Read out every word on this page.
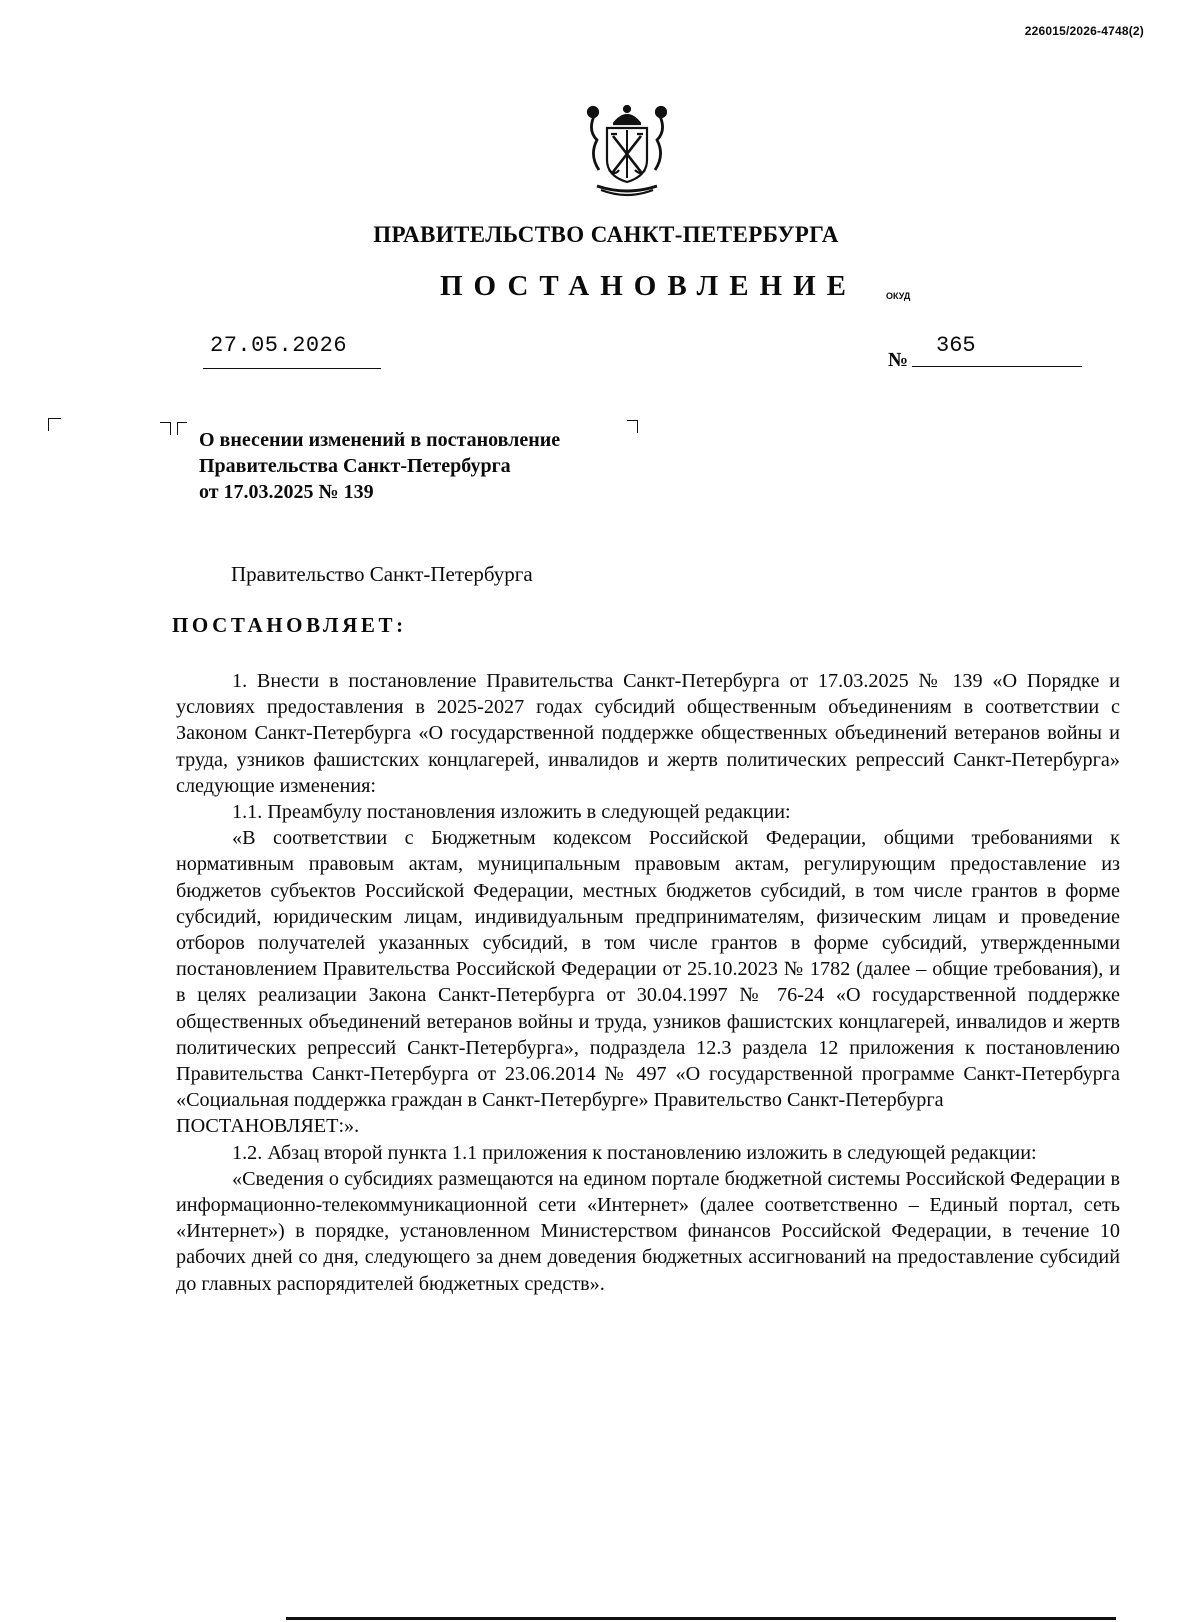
226015/2026-4748(2)
ПРАВИТЕЛЬСТВО САНКТ-ПЕТЕРБУРГА
ПОСТАНОВЛЕНИЕ	ОКУД
27.05.2026
№
365
О внесении изменений в постановление
Правительства Санкт-Петербурга
от 17.03.2025 № 139
Правительство Санкт-Петербурга
ПОСТАНОВЛЯЕТ:

1. Внести в постановление Правительства Санкт-Петербурга от 17.03.2025 № 139 «О Порядке и условиях предоставления в 2025-2027 годах субсидий общественным объединениям в соответствии с Законом Санкт-Петербурга «О государственной поддержке общественных объединений ветеранов войны и труда, узников фашистских концлагерей, инвалидов и жертв политических репрессий Санкт-Петербурга» следующие изменения:

1.1. Преамбулу постановления изложить в следующей редакции:

«В соответствии с Бюджетным кодексом Российской Федерации, общими требованиями к нормативным правовым актам, муниципальным правовым актам, регулирующим предоставление из бюджетов субъектов Российской Федерации, местных бюджетов субсидий, в том числе грантов в форме субсидий, юридическим лицам, индивидуальным предпринимателям, физическим лицам и проведение отборов получателей указанных субсидий, в том числе грантов в форме субсидий, утвержденными постановлением Правительства Российской Федерации от 25.10.2023 № 1782 (далее – общие требования), и в целях реализации Закона Санкт-Петербурга от 30.04.1997 № 76-24 «О государственной поддержке общественных объединений ветеранов войны и труда, узников фашистских концлагерей, инвалидов и жертв политических репрессий Санкт-Петербурга», подраздела 12.3 раздела 12 приложения к постановлению Правительства Санкт-Петербурга от 23.06.2014 № 497 «О государственной программе Санкт-Петербурга «Социальная поддержка граждан в Санкт-Петербурге» Правительство Санкт-Петербурга

ПОСТАНОВЛЯЕТ:».

1.2. Абзац второй пункта 1.1 приложения к постановлению изложить в следующей редакции:

«Сведения о субсидиях размещаются на едином портале бюджетной системы Российской Федерации в информационно-телекоммуникационной сети «Интернет» (далее соответственно – Единый портал, сеть «Интернет») в порядке, установленном Министерством финансов Российской Федерации, в течение 10 рабочих дней со дня, следующего за днем доведения бюджетных ассигнований на предоставление субсидий до главных распорядителей бюджетных средств».
